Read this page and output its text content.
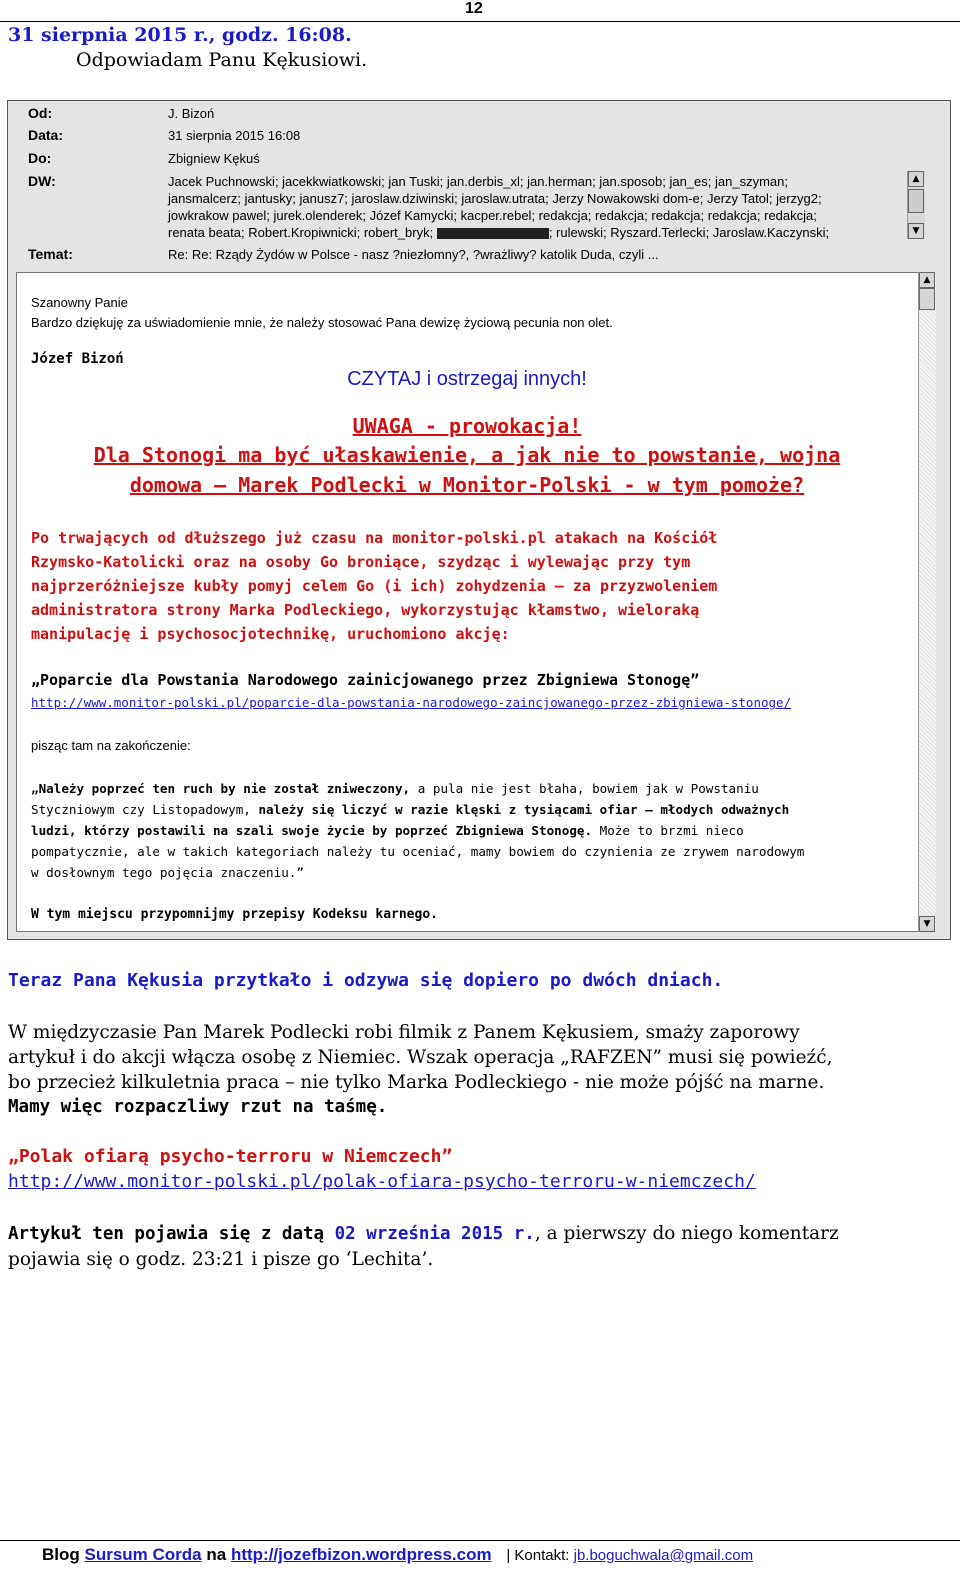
12
31 sierpnia 2015 r., godz. 16:08.
Odpowiadam Panu Kękusiowi.
Od:	J. Bizoń
Data:	31 sierpnia 2015 16:08
Do:	Zbigniew Kękuś
DW:	Jacek Puchnowski; jacekkwiatkowski; jan Tuski; jan.derbis_xl; jan.herman; jan.sposob; jan_es; jan_szyman;
jansmalcerz; jantusky; janusz7; jaroslaw.dziwinski; jaroslaw.utrata; Jerzy Nowakowski dom-e; Jerzy Tatol; jerzyg2;
jowkrakow pawel; jurek.olenderek; Józef Kamycki; kacper.rebel; redakcja; redakcja; redakcja; redakcja; redakcja;
renata beata; Robert.Kropiwnicki; robert_bryk;	; rulewski; Ryszard.Terlecki; Jaroslaw.Kaczynski;
▲
▼
Temat:	Re: Re: Rządy Żydów w Polsce - nasz ?niezłomny?, ?wrażliwy? katolik Duda, czyli ...
Szanowny Panie
Bardzo dziękuję za uświadomienie mnie, że należy stosować Pana dewizę życiową pecunia non olet.
Józef Bizoń
CZYTAJ i ostrzegaj innych!
UWAGA - prowokacja!
Dla Stonogi ma być ułaskawienie, a jak nie to powstanie, wojna
domowa – Marek Podlecki w Monitor-Polski - w tym pomoże?
Po trwających od dłuższego już czasu na monitor-polski.pl atakach na Kościół
Rzymsko-Katolicki oraz na osoby Go broniące, szydząc i wylewając przy tym
najprzeróżniejsze kubły pomyj celem Go (i ich) zohydzenia – za przyzwoleniem
administratora strony Marka Podleckiego, wykorzystując kłamstwo, wieloraką
manipulację i psychosocjotechnikę, uruchomiono akcję:
„Poparcie dla Powstania Narodowego zainicjowanego przez Zbigniewa Stonogę”
http://www.monitor-polski.pl/poparcie-dla-powstania-narodowego-zaincjowanego-przez-zbigniewa-stonoge/
pisząc tam na zakończenie:
„Należy poprzeć ten ruch by nie został zniweczony, a pula nie jest błaha, bowiem jak w Powstaniu
Styczniowym czy Listopadowym, należy się liczyć w razie klęski z tysiącami ofiar – młodych odważnych
ludzi, którzy postawili na szali swoje życie by poprzeć Zbigniewa Stonogę. Może to brzmi nieco
pompatycznie, ale w takich kategoriach należy tu oceniać, mamy bowiem do czynienia ze zrywem narodowym
w dosłownym tego pojęcia znaczeniu.”
W tym miejscu przypomnijmy przepisy Kodeksu karnego.
▲
▼
Teraz Pana Kękusia przytkało i odzywa się dopiero po dwóch dniach.
W międzyczasie Pan Marek Podlecki robi filmik z Panem Kękusiem, smaży zaporowy
artykuł i do akcji włącza osobę z Niemiec. Wszak operacja „RAFZEN” musi się powieźć,
bo przecież kilkuletnia praca – nie tylko Marka Podleckiego - nie może pójść na marne.
Mamy więc rozpaczliwy rzut na taśmę.
„Polak ofiarą psycho-terroru w Niemczech”
http://www.monitor-polski.pl/polak-ofiara-psycho-terroru-w-niemczech/
Artykuł ten pojawia się z datą 02 września 2015 r., a pierwszy do niego komentarz
pojawia się o godz. 23:21 i pisze go ‘Lechita’.
Blog Sursum Corda na http://jozefbizon.wordpress.com | Kontakt: jb.boguchwala@gmail.com
